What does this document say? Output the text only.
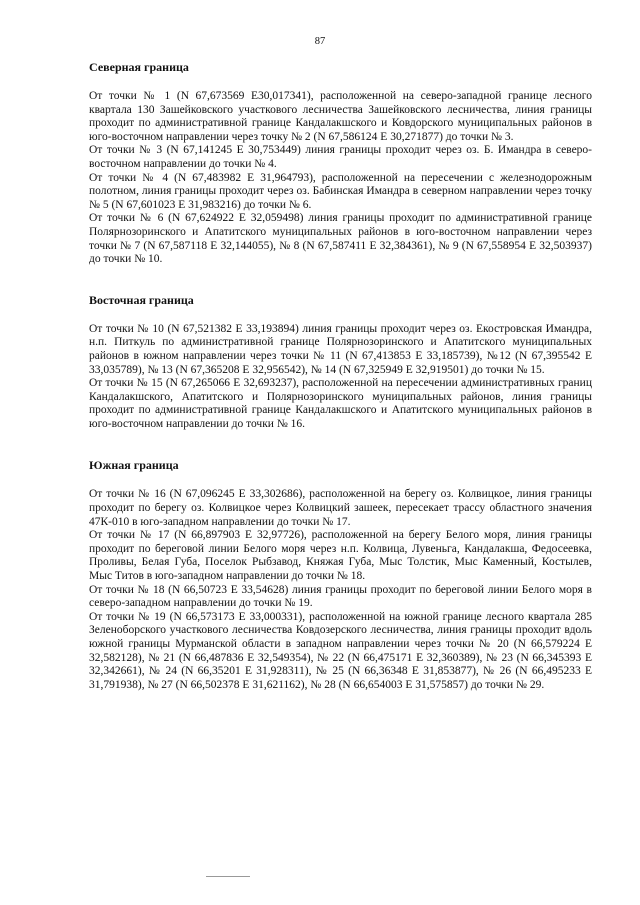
87
Северная граница

От точки № 1 (N 67,673569 E30,017341), расположенной на северо-западной границе лесного квартала 130 Зашейковского участкового лесничества Зашейковского лесничества, линия границы проходит по административной границе Кандалакшского и Ковдорского муниципальных районов в юго-восточном направлении через точку № 2 (N 67,586124 E 30,271877) до точки № 3.

От точки № 3 (N 67,141245 E 30,753449) линия границы проходит через оз. Б. Имандра в северо-восточном направлении до точки № 4.

От точки № 4 (N 67,483982 E 31,964793), расположенной на пересечении с железнодорожным полотном, линия границы проходит через оз. Бабинская Имандра в северном направлении через точку № 5 (N 67,601023 E 31,983216) до точки № 6.

От точки № 6 (N 67,624922 E 32,059498) линия границы проходит по административной границе Полярнозоринского и Апатитского муниципальных районов в юго-восточном направлении через точки № 7 (N 67,587118 E 32,144055), № 8 (N 67,587411 E 32,384361), № 9 (N 67,558954 E 32,503937) до точки № 10.

Восточная граница

От точки № 10 (N 67,521382 E 33,193894) линия границы проходит через оз. Екостровская Имандра, н.п. Питкуль по административной границе Полярнозоринского и Апатитского муниципальных районов в южном направлении через точки № 11 (N 67,413853 E 33,185739), №12 (N 67,395542 E 33,035789), № 13 (N 67,365208 E 32,956542), № 14 (N 67,325949 E 32,919501) до точки № 15.

От точки № 15 (N 67,265066 E 32,693237), расположенной на пересечении административных границ Кандалакшского, Апатитского и Полярнозоринского муниципальных районов, линия границы проходит по административной границе Кандалакшского и Апатитского муниципальных районов в юго-восточном направлении до точки № 16.

Южная граница

От точки № 16 (N 67,096245 E 33,302686), расположенной на берегу оз. Колвицкое, линия границы проходит по берегу оз. Колвицкое через Колвицкий зашеек, пересекает трассу областного значения 47К-010 в юго-западном направлении до точки № 17.

От точки № 17 (N 66,897903 E 32,97726), расположенной на берегу Белого моря, линия границы проходит по береговой линии Белого моря через н.п. Колвица, Лувеньга, Кандалакша, Федосеевка, Проливы, Белая Губа, Поселок Рыбзавод, Княжая Губа, Мыс Толстик, Мыс Каменный, Костылев, Мыс Титов в юго-западном направлении до точки № 18.

От точки № 18 (N 66,50723 E 33,54628) линия границы проходит по береговой линии Белого моря в северо-западном направлении до точки № 19.

От точки № 19 (N 66,573173 E 33,000331), расположенной на южной границе лесного квартала 285 Зеленоборского участкового лесничества Ковдозерского лесничества, линия границы проходит вдоль южной границы Мурманской области в западном направлении через точки № 20 (N 66,579224 E 32,582128), № 21 (N 66,487836 E 32,549354), № 22 (N 66,475171 E 32,360389), № 23 (N 66,345393 E 32,342661), № 24 (N 66,35201 E 31,928311), № 25 (N 66,36348 E 31,853877), № 26 (N 66,495233 E 31,791938), № 27 (N 66,502378 E 31,621162), № 28 (N 66,654003 E 31,575857) до точки № 29.
